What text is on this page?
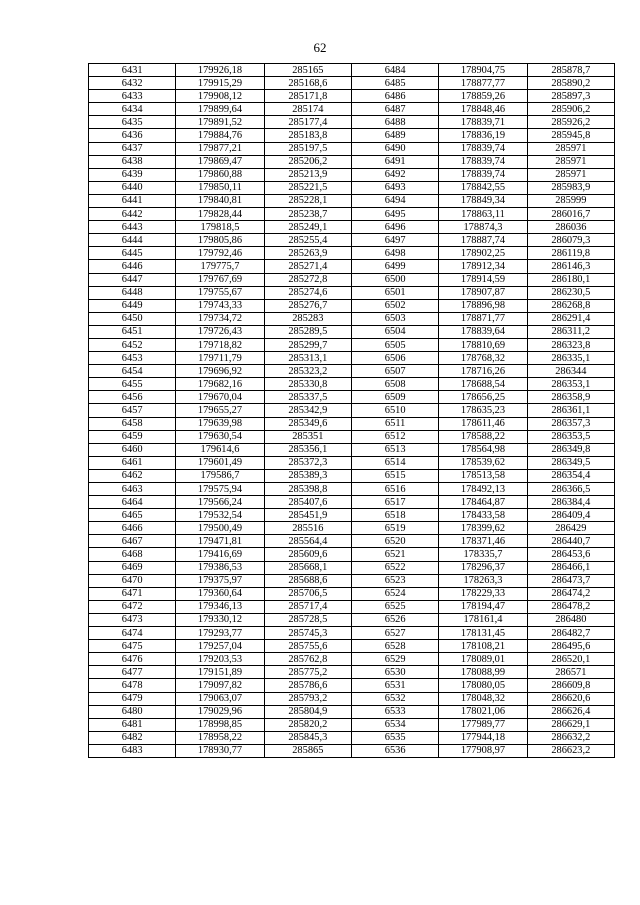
62
6431	179926,18	285165	6484	178904,75	285878,7
6432	179915,29	285168,6	6485	178877,77	285890,2
6433	179908,12	285171,8	6486	178859,26	285897,3
6434	179899,64	285174	6487	178848,46	285906,2
6435	179891,52	285177,4	6488	178839,71	285926,2
6436	179884,76	285183,8	6489	178836,19	285945,8
6437	179877,21	285197,5	6490	178839,74	285971
6438	179869,47	285206,2	6491	178839,74	285971
6439	179860,88	285213,9	6492	178839,74	285971
6440	179850,11	285221,5	6493	178842,55	285983,9
6441	179840,81	285228,1	6494	178849,34	285999
6442	179828,44	285238,7	6495	178863,11	286016,7
6443	179818,5	285249,1	6496	178874,3	286036
6444	179805,86	285255,4	6497	178887,74	286079,3
6445	179792,46	285263,9	6498	178902,25	286119,8
6446	179775,7	285271,4	6499	178912,34	286146,3
6447	179767,69	285272,8	6500	178914,59	286180,1
6448	179755,67	285274,6	6501	178907,87	286230,5
6449	179743,33	285276,7	6502	178896,98	286268,8
6450	179734,72	285283	6503	178871,77	286291,4
6451	179726,43	285289,5	6504	178839,64	286311,2
6452	179718,82	285299,7	6505	178810,69	286323,8
6453	179711,79	285313,1	6506	178768,32	286335,1
6454	179696,92	285323,2	6507	178716,26	286344
6455	179682,16	285330,8	6508	178688,54	286353,1
6456	179670,04	285337,5	6509	178656,25	286358,9
6457	179655,27	285342,9	6510	178635,23	286361,1
6458	179639,98	285349,6	6511	178611,46	286357,3
6459	179630,54	285351	6512	178588,22	286353,5
6460	179614,6	285356,1	6513	178564,98	286349,8
6461	179601,49	285372,3	6514	178539,62	286349,5
6462	179586,7	285389,3	6515	178513,58	286354,4
6463	179575,94	285398,8	6516	178492,13	286366,5
6464	179566,24	285407,6	6517	178464,87	286384,4
6465	179532,54	285451,9	6518	178433,58	286409,4
6466	179500,49	285516	6519	178399,62	286429
6467	179471,81	285564,4	6520	178371,46	286440,7
6468	179416,69	285609,6	6521	178335,7	286453,6
6469	179386,53	285668,1	6522	178296,37	286466,1
6470	179375,97	285688,6	6523	178263,3	286473,7
6471	179360,64	285706,5	6524	178229,33	286474,2
6472	179346,13	285717,4	6525	178194,47	286478,2
6473	179330,12	285728,5	6526	178161,4	286480
6474	179293,77	285745,3	6527	178131,45	286482,7
6475	179257,04	285755,6	6528	178108,21	286495,6
6476	179203,53	285762,8	6529	178089,01	286520,1
6477	179151,89	285775,2	6530	178088,99	286571
6478	179097,82	285786,6	6531	178080,05	286609,8
6479	179063,07	285793,2	6532	178048,32	286620,6
6480	179029,96	285804,9	6533	178021,06	286626,4
6481	178998,85	285820,2	6534	177989,77	286629,1
6482	178958,22	285845,3	6535	177944,18	286632,2
6483	178930,77	285865	6536	177908,97	286623,2
